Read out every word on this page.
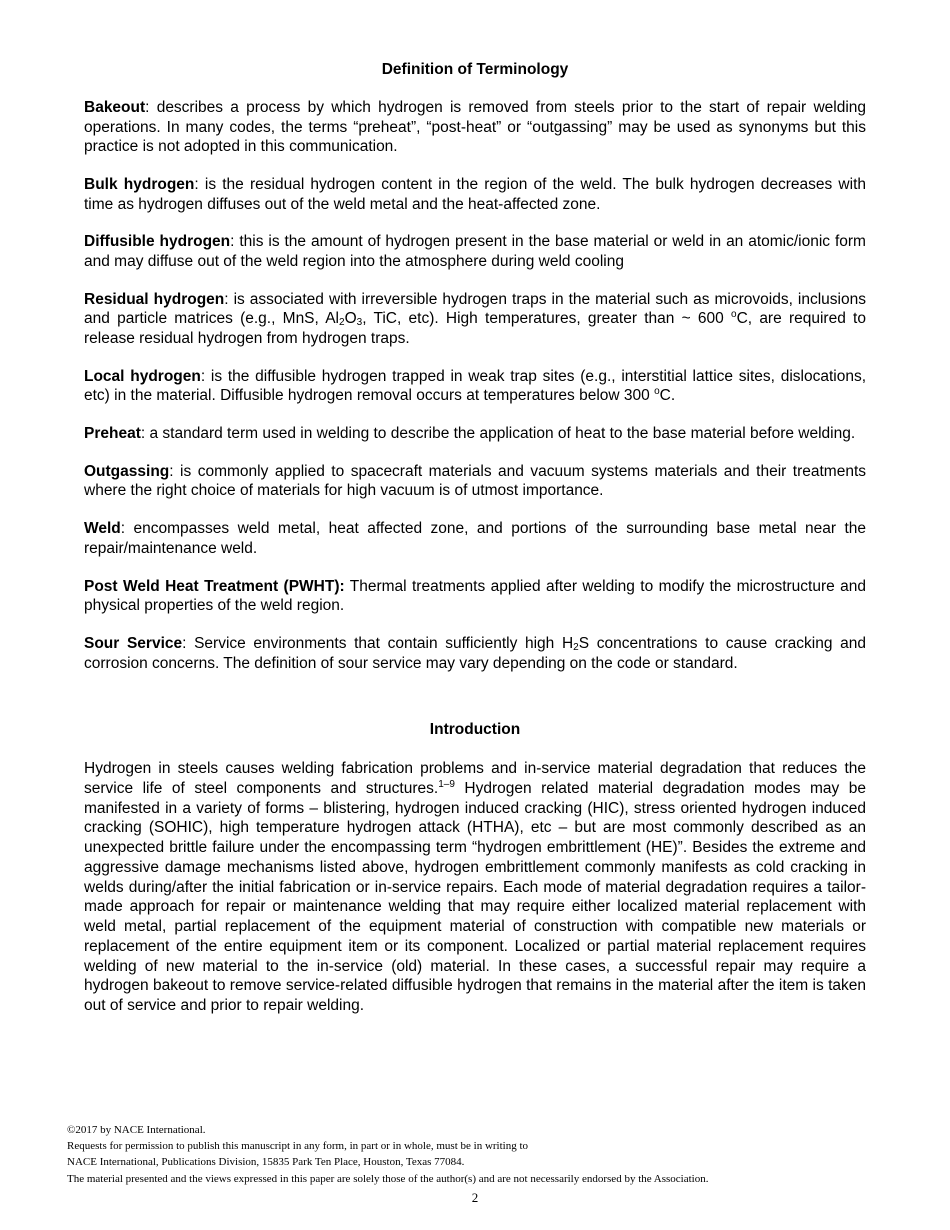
Definition of Terminology

Bakeout: describes a process by which hydrogen is removed from steels prior to the start of repair welding operations. In many codes, the terms “preheat”, “post-heat” or “outgassing” may be used as synonyms but this practice is not adopted in this communication.

Bulk hydrogen: is the residual hydrogen content in the region of the weld. The bulk hydrogen decreases with time as hydrogen diffuses out of the weld metal and the heat-affected zone.

Diffusible hydrogen: this is the amount of hydrogen present in the base material or weld in an atomic/ionic form and may diffuse out of the weld region into the atmosphere during weld cooling

Residual hydrogen: is associated with irreversible hydrogen traps in the material such as microvoids, inclusions and particle matrices (e.g., MnS, $Al_2O_3$, TiC, etc). High temperatures, greater than ~ 600 $^o$C, are required to release residual hydrogen from hydrogen traps.

Local hydrogen: is the diffusible hydrogen trapped in weak trap sites (e.g., interstitial lattice sites, dislocations, etc) in the material. Diffusible hydrogen removal occurs at temperatures below 300 $^o$C.

Preheat: a standard term used in welding to describe the application of heat to the base material before welding.

Outgassing: is commonly applied to spacecraft materials and vacuum systems materials and their treatments where the right choice of materials for high vacuum is of utmost importance.

Weld: encompasses weld metal, heat affected zone, and portions of the surrounding base metal near the repair/maintenance weld.

Post Weld Heat Treatment (PWHT): Thermal treatments applied after welding to modify the microstructure and physical properties of the weld region.

Sour Service: Service environments that contain sufficiently high $H_2S$ concentrations to cause cracking and corrosion concerns. The definition of sour service may vary depending on the code or standard.

Introduction

Hydrogen in steels causes welding fabrication problems and in-service material degradation that reduces the service life of steel components and structures.$^{1-9}$ Hydrogen related material degradation modes may be manifested in a variety of forms – blistering, hydrogen induced cracking (HIC), stress oriented hydrogen induced cracking (SOHIC), high temperature hydrogen attack (HTHA), etc – but are most commonly described as an unexpected brittle failure under the encompassing term “hydrogen embrittlement (HE)”. Besides the extreme and aggressive damage mechanisms listed above, hydrogen embrittlement commonly manifests as cold cracking in welds during/after the initial fabrication or in-service repairs. Each mode of material degradation requires a tailor-made approach for repair or maintenance welding that may require either localized material replacement with weld metal, partial replacement of the equipment material of construction with compatible new materials or replacement of the entire equipment item or its component. Localized or partial material replacement requires welding of new material to the in-service (old) material. In these cases, a successful repair may require a hydrogen bakeout to remove service-related diffusible hydrogen that remains in the material after the item is taken out of service and prior to repair welding.

©2017 by NACE International.
Requests for permission to publish this manuscript in any form, in part or in whole, must be in writing to
NACE International, Publications Division, 15835 Park Ten Place, Houston, Texas 77084.
The material presented and the views expressed in this paper are solely those of the author(s) and are not necessarily endorsed by the Association.
2
